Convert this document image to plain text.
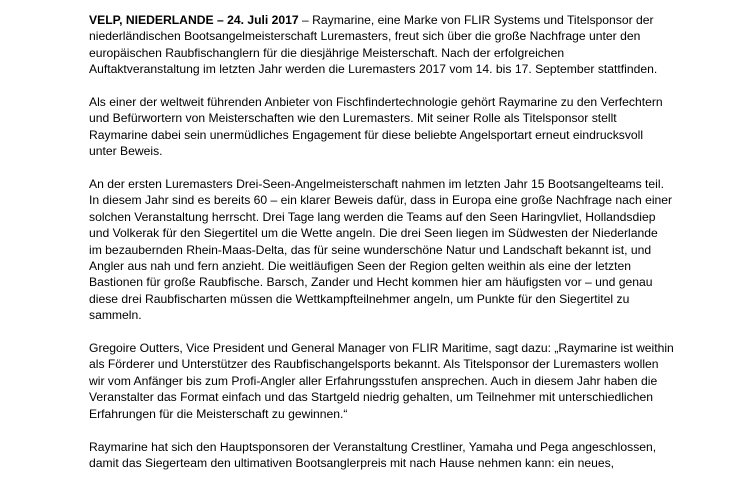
VELP, NIEDERLANDE – 24. Juli 2017 – Raymarine, eine Marke von FLIR Systems und Titelsponsor der
niederländischen Bootsangelmeisterschaft Luremasters, freut sich über die große Nachfrage unter den
europäischen Raubfischanglern für die diesjährige Meisterschaft. Nach der erfolgreichen
Auftaktveranstaltung im letzten Jahr werden die Luremasters 2017 vom 14. bis 17. September stattfinden.

Als einer der weltweit führenden Anbieter von Fischfindertechnologie gehört Raymarine zu den Verfechtern
und Befürwortern von Meisterschaften wie den Luremasters. Mit seiner Rolle als Titelsponsor stellt
Raymarine dabei sein unermüdliches Engagement für diese beliebte Angelsportart erneut eindrucksvoll
unter Beweis.

An der ersten Luremasters Drei-Seen-Angelmeisterschaft nahmen im letzten Jahr 15 Bootsangelteams teil.
In diesem Jahr sind es bereits 60 – ein klarer Beweis dafür, dass in Europa eine große Nachfrage nach einer
solchen Veranstaltung herrscht. Drei Tage lang werden die Teams auf den Seen Haringvliet, Hollandsdiep
und Volkerak für den Siegertitel um die Wette angeln. Die drei Seen liegen im Südwesten der Niederlande
im bezaubernden Rhein-Maas-Delta, das für seine wunderschöne Natur und Landschaft bekannt ist, und
Angler aus nah und fern anzieht. Die weitläufigen Seen der Region gelten weithin als eine der letzten
Bastionen für große Raubfische. Barsch, Zander und Hecht kommen hier am häufigsten vor – und genau
diese drei Raubfischarten müssen die Wettkampfteilnehmer angeln, um Punkte für den Siegertitel zu
sammeln.

Gregoire Outters, Vice President und General Manager von FLIR Maritime, sagt dazu: „Raymarine ist weithin
als Förderer und Unterstützer des Raubfischangelsports bekannt. Als Titelsponsor der Luremasters wollen
wir vom Anfänger bis zum Profi-Angler aller Erfahrungsstufen ansprechen. Auch in diesem Jahr haben die
Veranstalter das Format einfach und das Startgeld niedrig gehalten, um Teilnehmer mit unterschiedlichen
Erfahrungen für die Meisterschaft zu gewinnen.“

Raymarine hat sich den Hauptsponsoren der Veranstaltung Crestliner, Yamaha und Pega angeschlossen,
damit das Siegerteam den ultimativen Bootsanglerpreis mit nach Hause nehmen kann: ein neues,
